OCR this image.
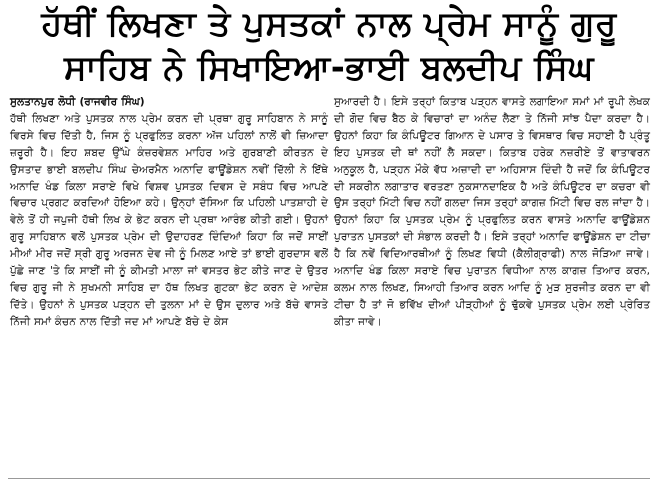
ਹੱਥੀਂ ਲਿਖਣਾ ਤੇ ਪੁਸਤਕਾਂ ਨਾਲ ਪ੍ਰੇਮ ਸਾਨੂੰ ਗੁਰੂ
ਸਾਹਿਬ ਨੇ ਸਿਖਾਇਆ-ਭਾਈ ਬਲਦੀਪ ਸਿੰਘ
ਸੁਲਤਾਨਪੁਰ ਲੋਧੀ (ਰਾਜਵੀਰ ਸਿੰਘ)

ਹੱਥੀ ਲਿਖਣਾ ਅਤੇ ਪੁਸਤਕ ਨਾਲ ਪ੍ਰੇਮ ਕਰਨ ਦੀ ਪ੍ਰਥਾ ਗੁਰੂ ਸਾਹਿਬਾਨ ਨੇ ਸਾਨੂੰ ਵਿਰਸੇ ਵਿਚ ਦਿੱਤੀ ਹੈ, ਜਿਸ ਨੂੰ ਪ੍ਰਫੁਲਿਤ ਕਰਨਾ ਅੱਜ ਪਹਿਲਾਂ ਨਾਲੋਂ ਵੀ ਜ਼ਿਆਦਾ ਜ਼ਰੂਰੀ ਹੈ। ਇਹ ਸ਼ਬਦ ਉੱਘੇ ਕੰਜ਼ਰਵੇਸ਼ਨ ਮਾਹਿਰ ਅਤੇ ਗੁਰਬਾਣੀ ਕੀਰਤਨ ਦੇ ਉਸਤਾਦ ਭਾਈ ਬਲਦੀਪ ਸਿੰਘ ਚੇਅਰਮੈਨ ਅਨਾਦਿ ਫਾਊਂਡੇਸ਼ਨ ਨਵੀਂ ਦਿੱਲੀ ਨੇ ਇੱਥੇ ਅਨਾਦਿ ਖੰਡ ਕਿਲਾ ਸਰਾਏ ਵਿਖੇ ਵਿਸ਼ਵ ਪੁਸਤਕ ਦਿਵਸ ਦੇ ਸਬੰਧ ਵਿਚ ਆਪਣੇ ਵਿਚਾਰ ਪ੍ਰਗਟ ਕਰਦਿਆਂ ਹੋਇਆ ਕਹੇ। ਉਨ੍ਹਾਂ ਦੱਸਿਆ ਕਿ ਪਹਿਲੀ ਪਾਤਸ਼ਾਹੀ ਦੇ ਵੇਲੇ ਤੋਂ ਹੀ ਜਪੁਜੀ ਹੱਥੀ ਲਿਖ ਕੇ ਭੇਟ ਕਰਨ ਦੀ ਪ੍ਰਥਾ ਆਰੰਭ ਕੀਤੀ ਗਈ। ਉਹਨਾਂ ਗੁਰੂ ਸਾਹਿਬਾਨ ਵਲੋਂ ਪੁਸਤਕ ਪ੍ਰੇਮ ਦੀ ਉਦਾਹਰਣ ਦਿੰਦਿਆਂ ਕਿਹਾ ਕਿ ਜਦੋਂ ਸਾਈਂ ਮੀਆਂ ਮੀਰ ਜਦੋਂ ਸ੍ਰੀ ਗੁਰੂ ਅਰਜਨ ਦੇਵ ਜੀ ਨੂੰ ਮਿਲਣ ਆਏ ਤਾਂ ਭਾਈ ਗੁਰਦਾਸ ਵਲੋਂ ਪੁੱਛੇ ਜਾਣ 'ਤੇ ਕਿ ਸਾਈਂ ਜੀ ਨੂੰ ਕੀਮਤੀ ਮਾਲਾ ਜਾਂ ਵਸਤਰ ਭੇਟ ਕੀਤੇ ਜਾਣ ਦੇ ਉਤਰ ਵਿਚ ਗੁਰੂ ਜੀ ਨੇ ਸੁਖਮਨੀ ਸਾਹਿਬ ਦਾ ਹੱਥ ਲਿਖਤ ਗੁਟਕਾ ਭੇਟ ਕਰਨ ਦੇ ਆਦੇਸ਼ ਦਿੱਤੇ। ਉਹਨਾਂ ਨੇ ਪੁਸਤਕ ਪੜ੍ਹਨ ਦੀ ਤੁਲਨਾ ਮਾਂ ਦੇ ਉਸ ਦੁਲਾਰ ਅਤੇ ਬੱਚੇ ਵਾਸਤੇ ਨਿੱਜੀ ਸਮਾਂ ਕੰਚਨ ਨਾਲ ਦਿੱਤੀ ਜਦ ਮਾਂ ਆਪਣੇ ਬੱਚੇ ਦੇ ਕੇਸ

ਸੁਆਰਦੀ ਹੈ। ਇਸੇ ਤਰ੍ਹਾਂ ਕਿਤਾਬ ਪੜ੍ਹਨ ਵਾਸਤੇ ਲਗਾਇਆ ਸਮਾਂ ਮਾਂ ਰੂਪੀ ਲੇਖਕ ਦੀ ਗੋਦ ਵਿਚ ਬੈਠ ਕੇ ਵਿਚਾਰਾਂ ਦਾ ਅਨੰਦ ਲੈਣਾ ਤੇ ਨਿੱਜੀ ਸਾਂਝ ਪੈਦਾ ਕਰਦਾ ਹੈ। ਉਹਨਾਂ ਕਿਹਾ ਕਿ ਕੰਪਿਊਟਰ ਗਿਆਨ ਦੇ ਪਸਾਰ ਤੇ ਵਿਸਥਾਰ ਵਿਚ ਸਹਾਈ ਹੈ ਪ੍ਰੰਤੂ ਇਹ ਪੁਸਤਕ ਦੀ ਥਾਂ ਨਹੀਂ ਲੈ ਸਕਦਾ। ਕਿਤਾਬ ਹਰੇਕ ਨਜ਼ਰੀਏ ਤੋਂ ਵਾਤਾਵਰਨ ਅਨੁਕੂਲ ਹੈ, ਪੜ੍ਹਨ ਮੌਕੇ ਵੱਧ ਅਜ਼ਾਦੀ ਦਾ ਅਹਿਸਾਸ ਦਿੰਦੀ ਹੈ ਜਦੋਂ ਕਿ ਕੰਪਿਊਟਰ ਦੀ ਸਕਰੀਨ ਲਗਾਤਾਰ ਵਰਤਣਾ ਨੁਕਸਾਨਦਾਇਕ ਹੈ ਅਤੇ ਕੰਪਿਊਟਰ ਦਾ ਕਚਰਾ ਵੀ ਉਸ ਤਰ੍ਹਾਂ ਮਿੱਟੀ ਵਿਚ ਨਹੀਂ ਗਲਦਾ ਜਿਸ ਤਰ੍ਹਾਂ ਕਾਗਜ਼ ਮਿੱਟੀ ਵਿਚ ਰਲ ਜਾਂਦਾ ਹੈ। ਉਹਨਾਂ ਕਿਹਾ ਕਿ ਪੁਸਤਕ ਪ੍ਰੇਮ ਨੂੰ ਪ੍ਰਫੁਲਿਤ ਕਰਨ ਵਾਸਤੇ ਅਨਾਦਿ ਫਾਊਂਡੇਸ਼ਨ ਪੁਰਾਤਨ ਪੁਸਤਕਾਂ ਦੀ ਸੰਭਾਲ ਕਰਦੀ ਹੈ। ਇਸੇ ਤਰ੍ਹਾਂ ਅਨਾਦਿ ਫਾਊਂਡੇਸ਼ਨ ਦਾ ਟੀਚਾ ਹੈ ਕਿ ਨਵੇਂ ਵਿਦਿਆਰਥੀਆਂ ਨੂੰ ਲਿਖਣ ਵਿਧੀ (ਕੈਲੀਗ੍ਰਾਫੀ) ਨਾਲ ਜੋੜਿਆ ਜਾਵੇ। ਅਨਾਦਿ ਖੰਡ ਕਿਲਾ ਸਰਾਏ ਵਿਚ ਪੁਰਾਤਨ ਵਿਧੀਆ ਨਾਲ ਕਾਗਜ਼ ਤਿਆਰ ਕਰਨ, ਕਲਮ ਨਾਲ ਲਿਖਣ, ਸਿਆਹੀ ਤਿਆਰ ਕਰਨ ਆਦਿ ਨੂੰ ਮੁੜ ਸੁਰਜੀਤ ਕਰਨ ਦਾ ਵੀ ਟੀਚਾ ਹੈ ਤਾਂ ਜੋ ਭਵਿੱਖ ਦੀਆਂ ਪੀੜ੍ਹੀਆਂ ਨੂੰ ਢੁੱਕਵੇ ਪੁਸਤਕ ਪ੍ਰੇਮ ਲਈ ਪ੍ਰੇਰਿਤ ਕੀਤਾ ਜਾਵੇ।
